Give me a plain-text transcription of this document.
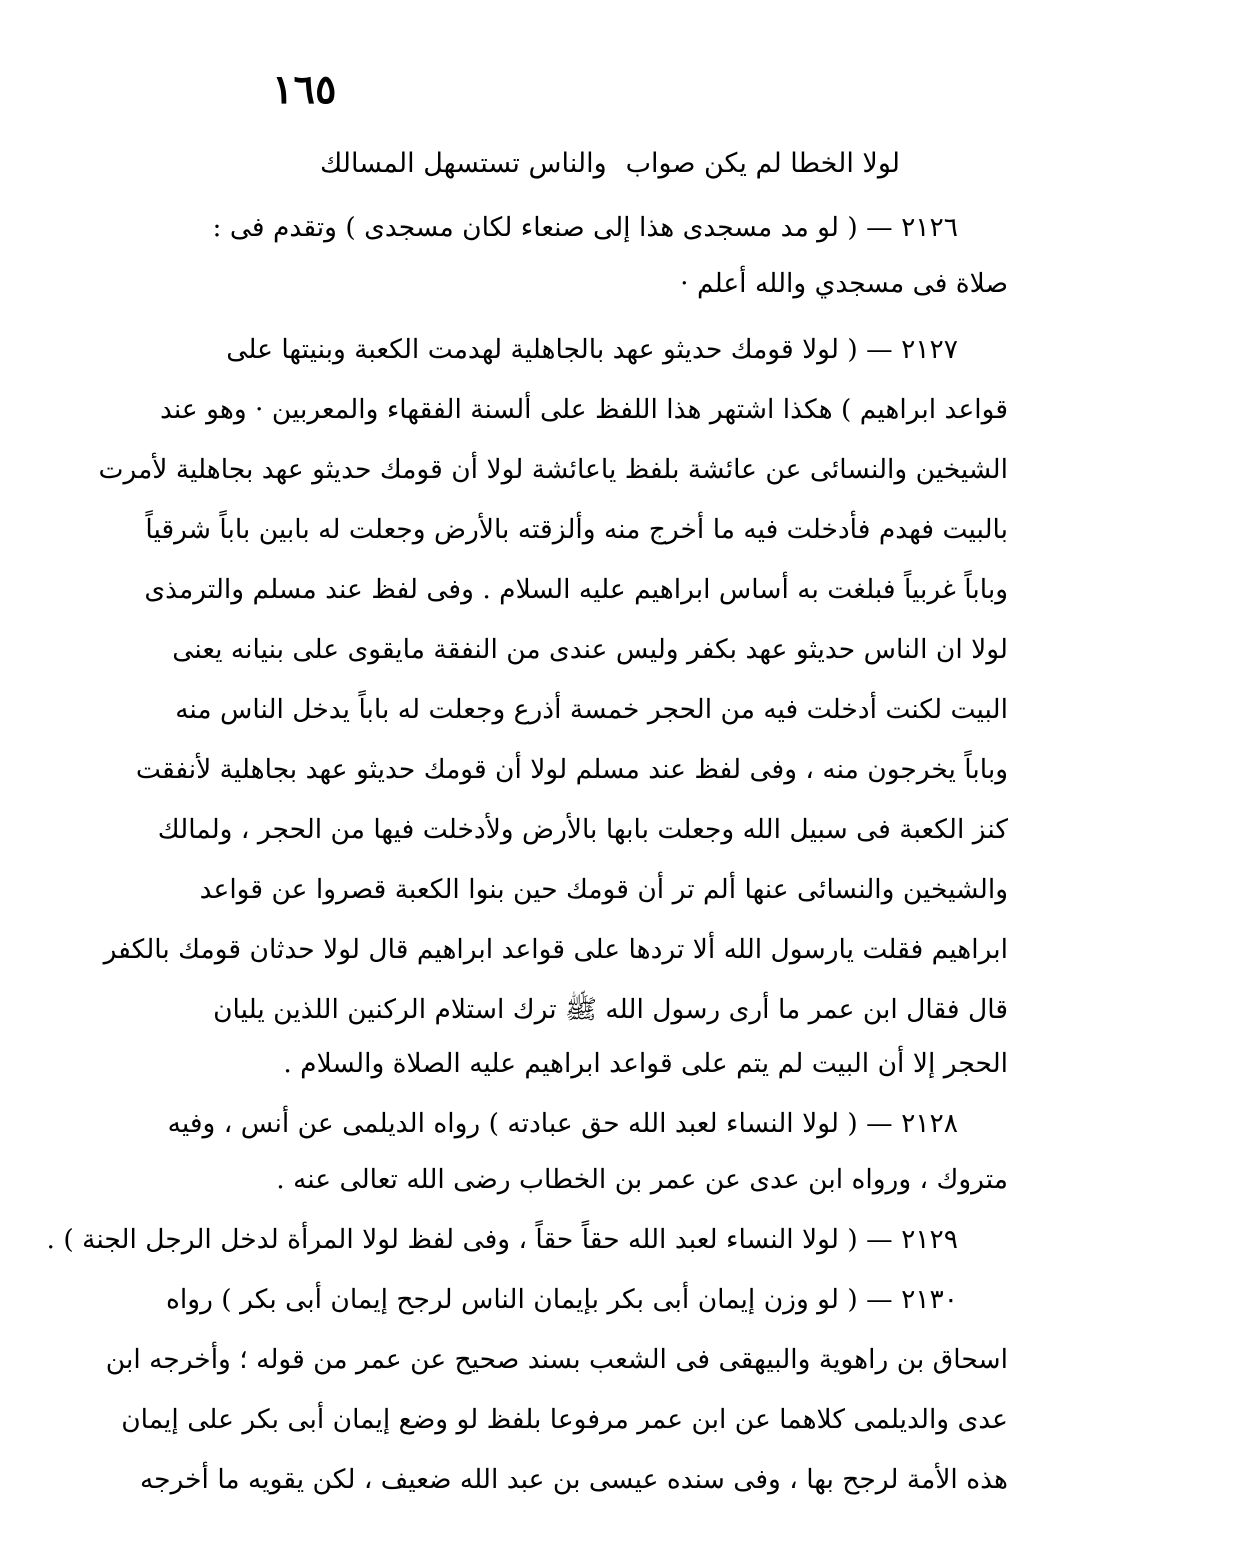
١٦٥
لولا الخطا لم يكن صواب
والناس تستسهل المسالك
٢١٢٦ — ( لو مد مسجدى هذا إلى صنعاء لكان مسجدى ) وتقدم فى :
صلاة فى مسجدي والله أعلم ·
٢١٢٧ — ( لولا قومك حديثو عهد بالجاهلية لهدمت الكعبة وبنيتها على
قواعد ابراهيم ) هكذا اشتهر هذا اللفظ على ألسنة الفقهاء والمعربين · وهو عند
الشيخين والنسائى عن عائشة بلفظ ياعائشة لولا أن قومك حديثو عهد بجاهلية لأمرت
بالبيت فهدم فأدخلت فيه ما أخرج منه وألزقته بالأرض وجعلت له بابين باباً شرقياً
وباباً غربياً فبلغت به أساس ابراهيم عليه السلام . وفى لفظ عند مسلم والترمذى
لولا ان الناس حديثو عهد بكفر وليس عندى من النفقة مايقوى على بنيانه يعنى
البيت لكنت أدخلت فيه من الحجر خمسة أذرع وجعلت له باباً يدخل الناس منه
وباباً يخرجون منه ، وفى لفظ عند مسلم لولا أن قومك حديثو عهد بجاهلية لأنفقت
كنز الكعبة فى سبيل الله وجعلت بابها بالأرض ولأدخلت فيها من الحجر ، ولمالك
والشيخين والنسائى عنها ألم تر أن قومك حين بنوا الكعبة قصروا عن قواعد
ابراهيم فقلت يارسول الله ألا تردها على قواعد ابراهيم قال لولا حدثان قومك بالكفر
قال فقال ابن عمر ما أرى رسول الله ﷺ ترك استلام الركنين اللذين يليان
الحجر إلا أن البيت لم يتم على قواعد ابراهيم عليه الصلاة والسلام .
٢١٢٨ — ( لولا النساء لعبد الله حق عبادته ) رواه الديلمى عن أنس ، وفيه
متروك ، ورواه ابن عدى عن عمر بن الخطاب رضى الله تعالى عنه .
٢١٢٩ — ( لولا النساء لعبد الله حقاً حقاً ، وفى لفظ لولا المرأة لدخل الرجل الجنة ) .
٢١٣٠ — ( لو وزن إيمان أبى بكر بإيمان الناس لرجح إيمان أبى بكر ) رواه
اسحاق بن راهوية والبيهقى فى الشعب بسند صحيح عن عمر من قوله ؛ وأخرجه ابن
عدى والديلمى كلاهما عن ابن عمر مرفوعا بلفظ لو وضع إيمان أبى بكر على إيمان
هذه الأمة لرجح بها ، وفى سنده عيسى بن عبد الله ضعيف ، لكن يقويه ما أخرجه
